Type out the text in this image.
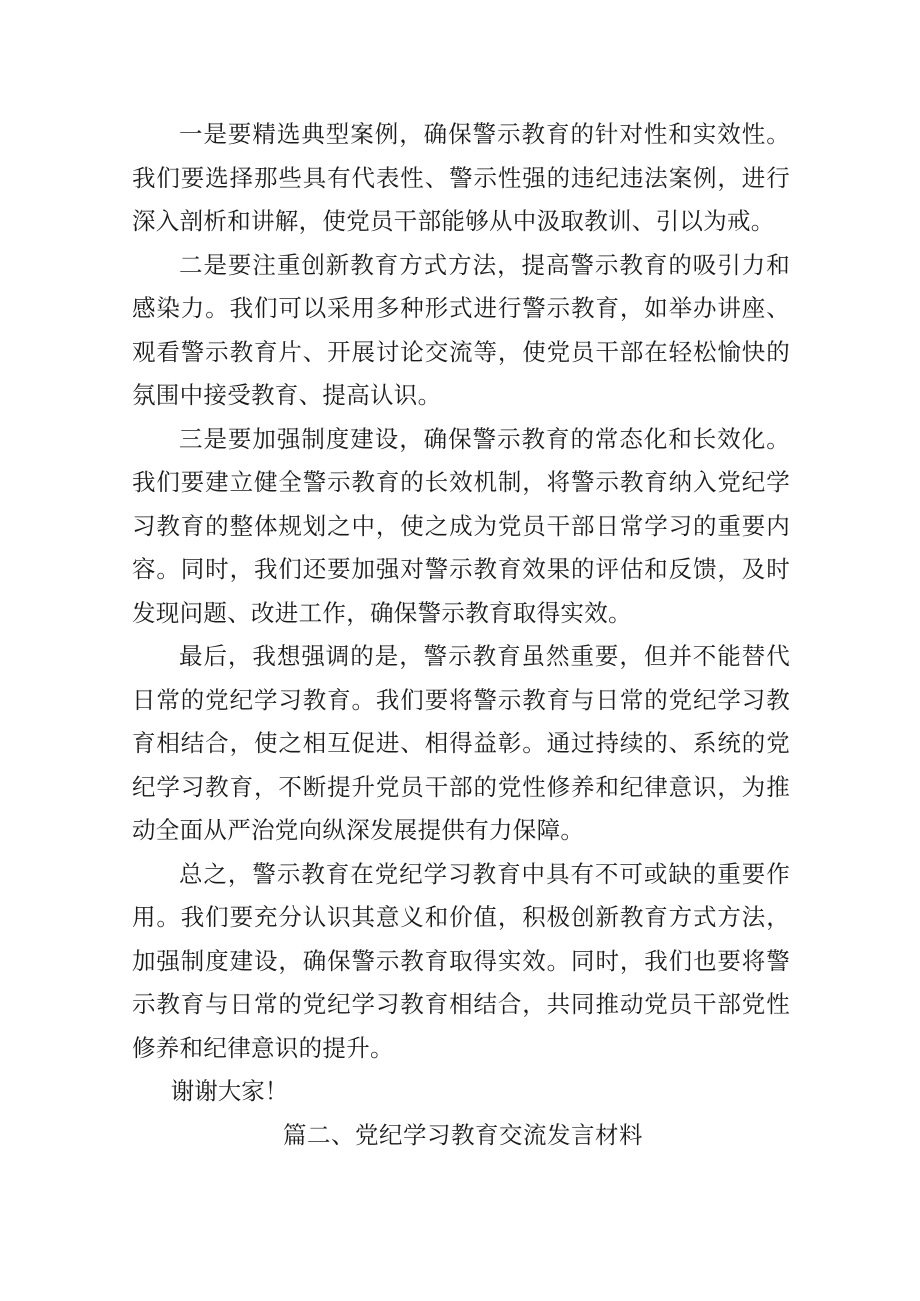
一是要精选典型案例，确保警示教育的针对性和实效性。我们要选择那些具有代表性、警示性强的违纪违法案例，进行深入剖析和讲解，使党员干部能够从中汲取教训、引以为戒。

二是要注重创新教育方式方法，提高警示教育的吸引力和感染力。我们可以采用多种形式进行警示教育，如举办讲座、观看警示教育片、开展讨论交流等，使党员干部在轻松愉快的氛围中接受教育、提高认识。

三是要加强制度建设，确保警示教育的常态化和长效化。我们要建立健全警示教育的长效机制，将警示教育纳入党纪学习教育的整体规划之中，使之成为党员干部日常学习的重要内容。同时，我们还要加强对警示教育效果的评估和反馈，及时发现问题、改进工作，确保警示教育取得实效。

最后，我想强调的是，警示教育虽然重要，但并不能替代日常的党纪学习教育。我们要将警示教育与日常的党纪学习教育相结合，使之相互促进、相得益彰。通过持续的、系统的党纪学习教育，不断提升党员干部的党性修养和纪律意识，为推动全面从严治党向纵深发展提供有力保障。

总之，警示教育在党纪学习教育中具有不可或缺的重要作用。我们要充分认识其意义和价值，积极创新教育方式方法，加强制度建设，确保警示教育取得实效。同时，我们也要将警示教育与日常的党纪学习教育相结合，共同推动党员干部党性修养和纪律意识的提升。

谢谢大家！

篇二、党纪学习教育交流发言材料
